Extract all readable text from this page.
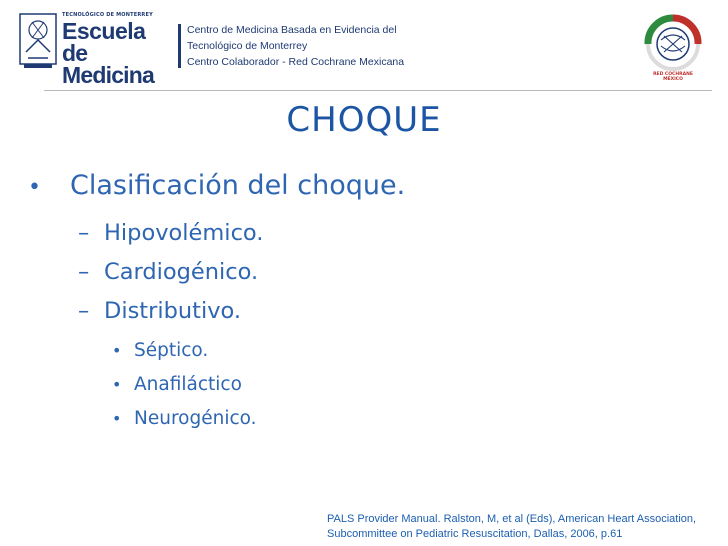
TECNOLÓGICO DE MONTERREY
Escuela
de Medicina
Centro de Medicina Basada en Evidencia del
Tecnológico de Monterrey
Centro Colaborador - Red Cochrane Mexicana
RED COCHRANE
MÉXICO
CHOQUE
• Clasificación del choque.
– Hipovolémico.
– Cardiogénico.
– Distributivo.
• Séptico.
• Anafiláctico
• Neurogénico.
PALS Provider Manual. Ralston, M, et al (Eds), American Heart Association,
Subcommittee on Pediatric Resuscitation, Dallas, 2006, p.61
